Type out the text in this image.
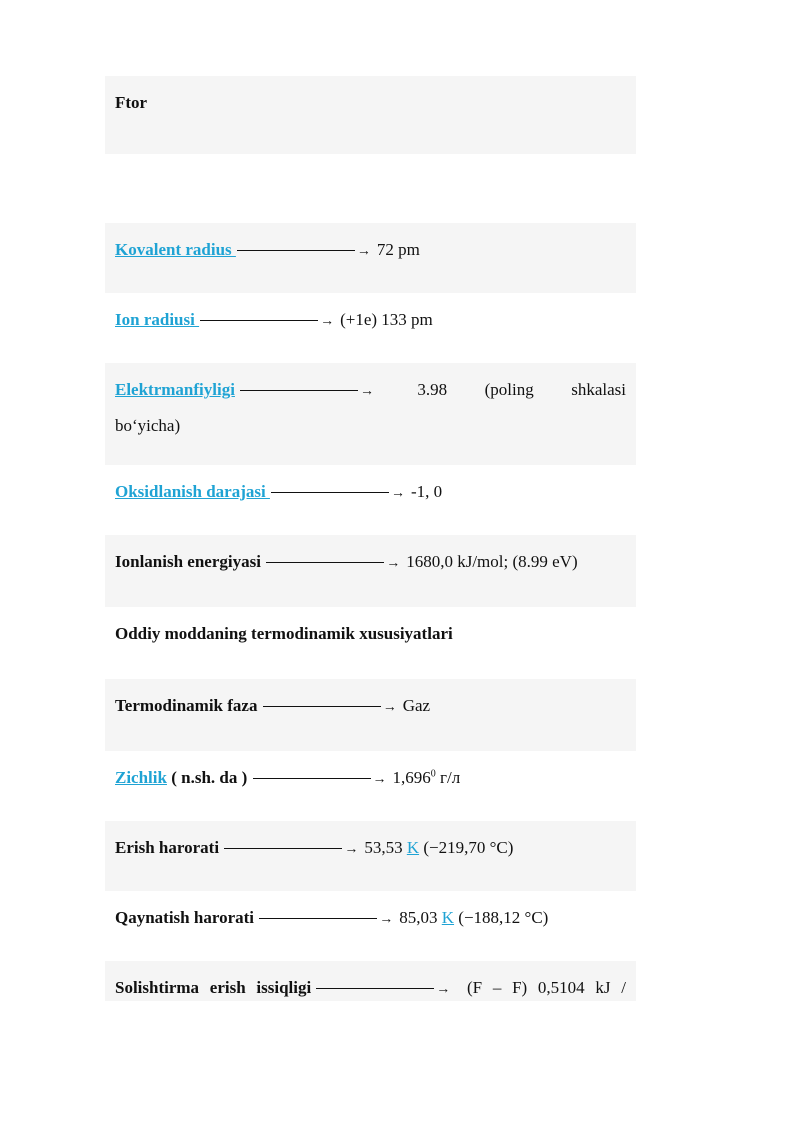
Ftor
Kovalent radius	→ 72 pm
Ion radiusi	→ (+1e) 133 pm
Elektrmanfiyligi	→	3.98 (poling shkalasi
bo‘yicha)
Oksidlanish darajasi	→ -1, 0
Ionlanish energiyasi	→ 1680,0 kJ/mol; (8.99 eV)
Oddiy moddaning termodinamik xususiyatlari
Termodinamik faza	→ Gaz
Zichlik ( n.sh. da )	→ $1,696^0$ г/л
Erish harorati	→ 53,53 K (−219,70 °C)
Qaynatish harorati	→ 85,03 K (−188,12 °C)
Solishtirma erish issiqligi	→ (F – F) 0,5104 kJ /
